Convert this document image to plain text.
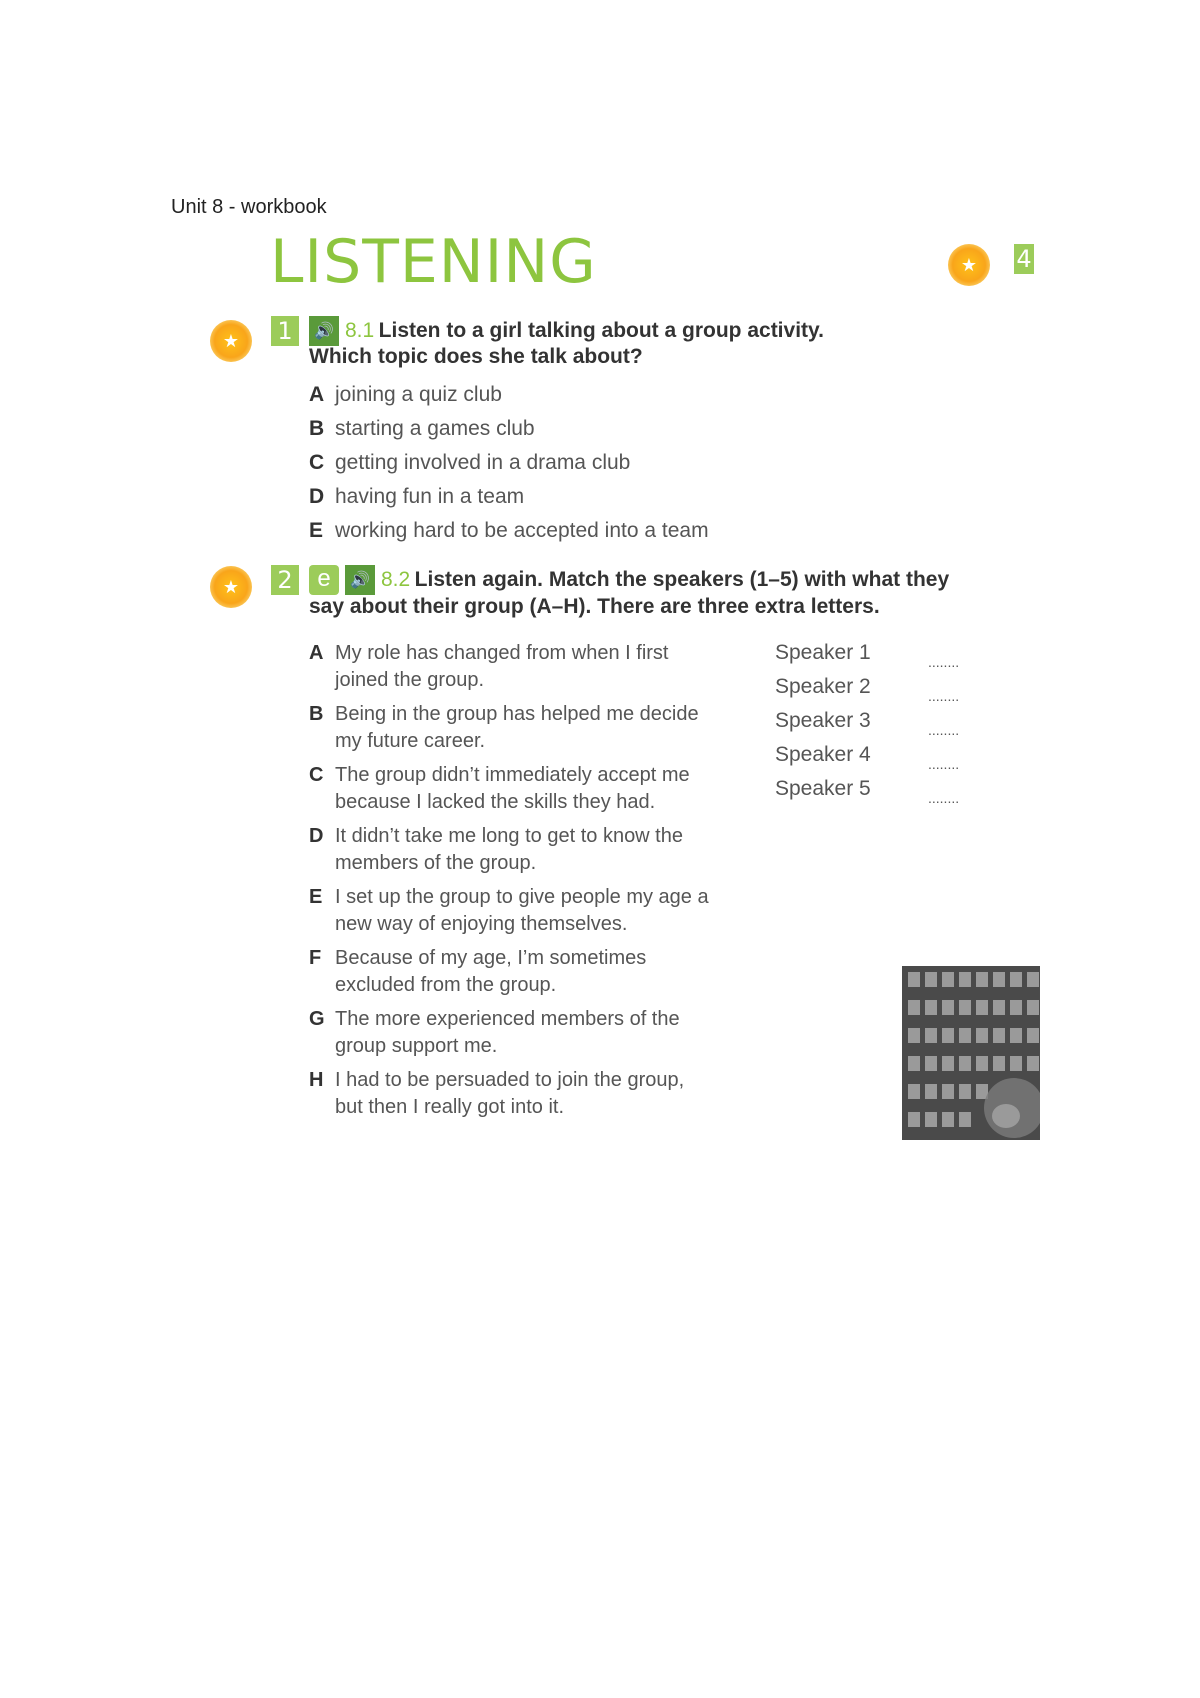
Unit 8 - workbook
LISTENING	★	4
★	1	🔊 8.1 Listen to a girl talking about a group activity.
Which topic does she talk about?
A joining a quiz club
B starting a games club
C getting involved in a drama club
D having fun in a team
E working hard to be accepted into a team
★	2	e	🔊 8.2 Listen again. Match the speakers (1–5) with what they
say about their group (A–H). There are three extra letters.
A My role has changed from when I first
joined the group.
B Being in the group has helped me decide
my future career.
C The group didn’t immediately accept me
because I lacked the skills they had.
D It didn’t take me long to get to know the
members of the group.
E I set up the group to give people my age a
new way of enjoying themselves.
F Because of my age, I’m sometimes
excluded from the group.
G The more experienced members of the
group support me.
H I had to be persuaded to join the group,
but then I really got into it.
Speaker 1	........
Speaker 2	........
Speaker 3	........
Speaker 4	........
Speaker 5	........
